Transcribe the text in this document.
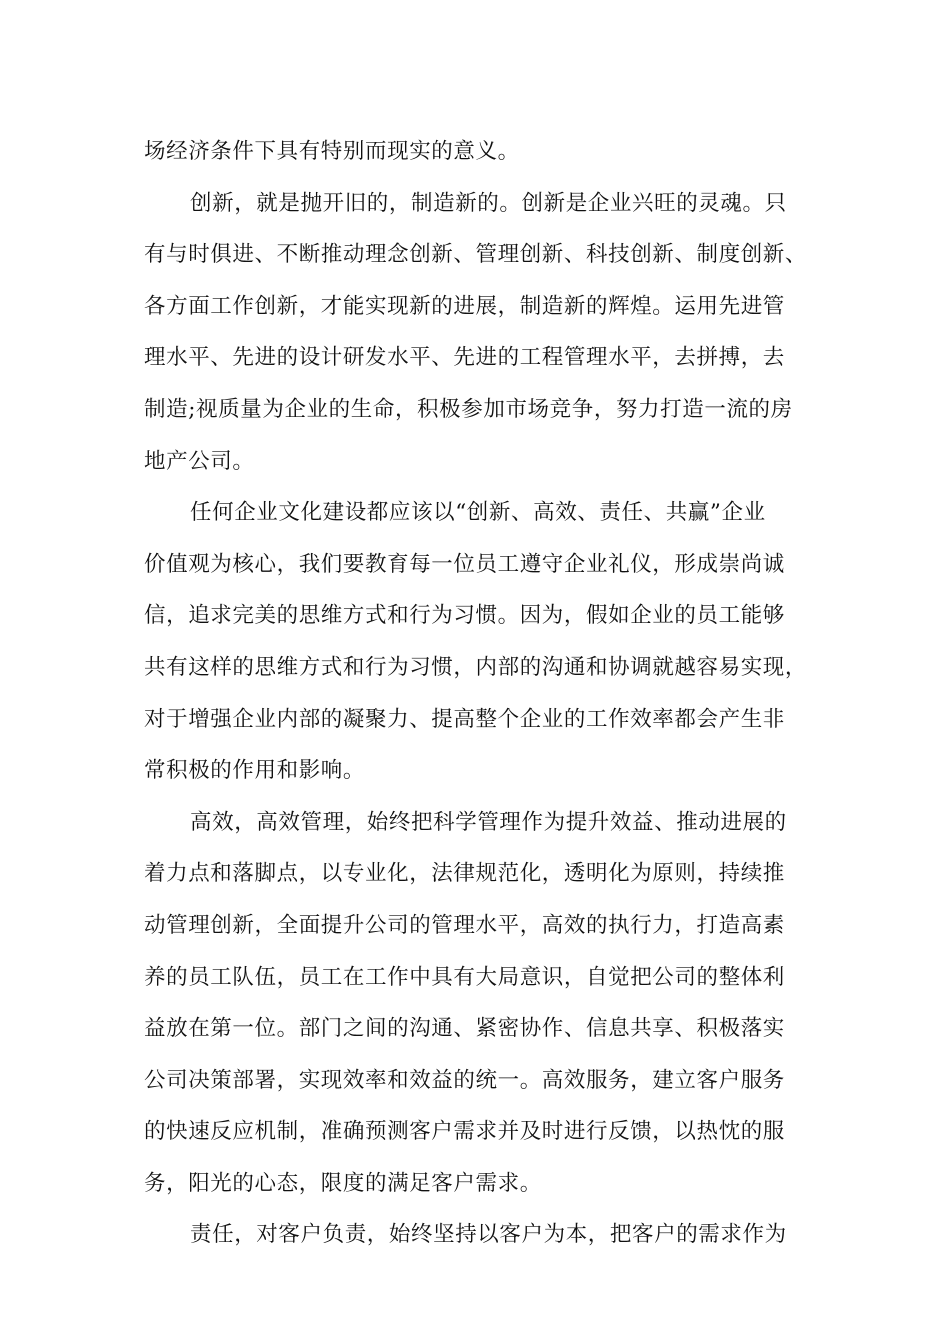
场经济条件下具有特别而现实的意义。
创新，就是抛开旧的，制造新的。创新是企业兴旺的灵魂。只
有与时俱进、不断推动理念创新、管理创新、科技创新、制度创新、
各方面工作创新，才能实现新的进展，制造新的辉煌。运用先进管
理水平、先进的设计研发水平、先进的工程管理水平，去拼搏，去
制造;视质量为企业的生命，积极参加市场竞争，努力打造一流的房
地产公司。
任何企业文化建设都应该以“创新、高效、责任、共赢”企业
价值观为核心，我们要教育每一位员工遵守企业礼仪，形成崇尚诚
信，追求完美的思维方式和行为习惯。因为，假如企业的员工能够
共有这样的思维方式和行为习惯，内部的沟通和协调就越容易实现，
对于增强企业内部的凝聚力、提高整个企业的工作效率都会产生非
常积极的作用和影响。
高效，高效管理，始终把科学管理作为提升效益、推动进展的
着力点和落脚点，以专业化，法律规范化，透明化为原则，持续推
动管理创新，全面提升公司的管理水平，高效的执行力，打造高素
养的员工队伍，员工在工作中具有大局意识，自觉把公司的整体利
益放在第一位。部门之间的沟通、紧密协作、信息共享、积极落实
公司决策部署，实现效率和效益的统一。高效服务，建立客户服务
的快速反应机制，准确预测客户需求并及时进行反馈，以热忱的服
务，阳光的心态，限度的满足客户需求。
责任，对客户负责，始终坚持以客户为本，把客户的需求作为
